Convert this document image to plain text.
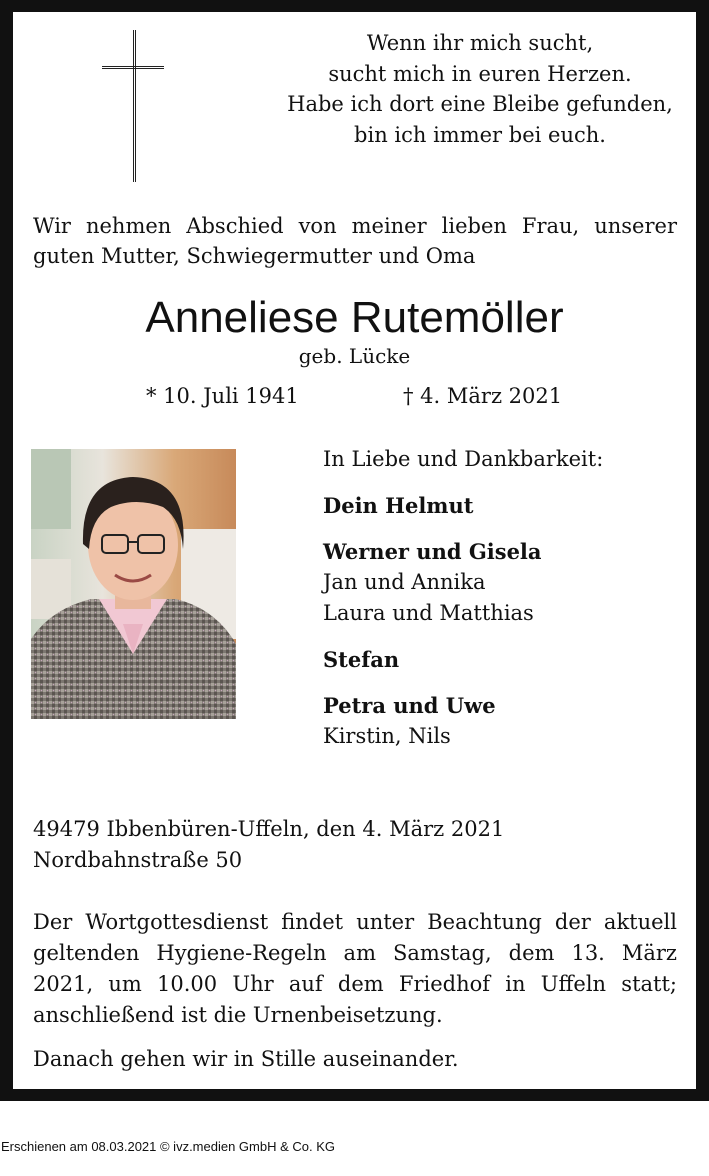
Wenn ihr mich sucht,
sucht mich in euren Herzen.
Habe ich dort eine Bleibe gefunden,
bin ich immer bei euch.
Wir nehmen Abschied von meiner lieben Frau, unserer guten Mutter, Schwiegermutter und Oma
Anneliese Rutemöller
geb. Lücke
* 10. Juli 1941	† 4. März 2021
In Liebe und Dankbarkeit:
Dein Helmut
Werner und Gisela
Jan und Annika
Laura und Matthias
Stefan
Petra und Uwe
Kirstin, Nils
49479 Ibbenbüren-Uffeln, den 4. März 2021
Nordbahnstraße 50
Der Wortgottesdienst findet unter Beachtung der aktuell geltenden Hygiene-Regeln am Samstag, dem 13. März 2021, um 10.00 Uhr auf dem Friedhof in Uffeln statt; anschließend ist die Urnenbeisetzung.
Danach gehen wir in Stille auseinander.
Erschienen am 08.03.2021 © ivz.medien GmbH & Co. KG
